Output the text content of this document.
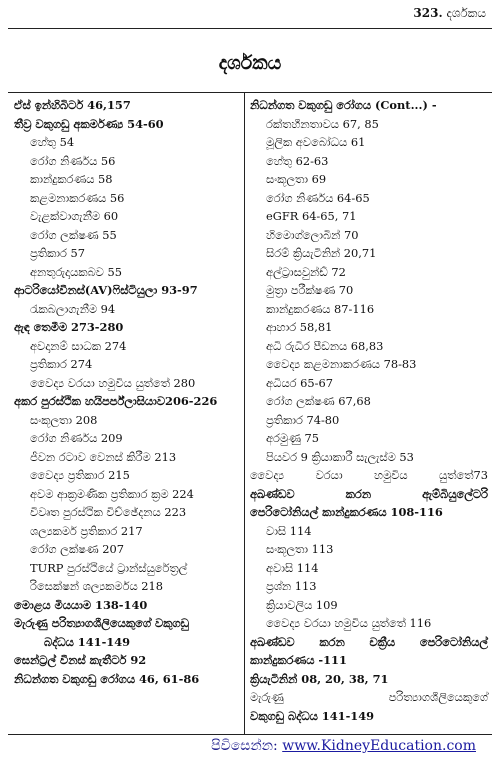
323. දර්ශකය
දර්ශකය
ඒස් ඉන්හිබිටර් 46,157
තීව්‍ර වකුගඩු අකර්මණ්‍ය 54-60
හේතු 54
රෝග නිර්ණය 56
කාන්දුකරණය 58
කළමනාකරණය 56
වැළක්වාගැනීම 60
රෝග ලක්ෂණ 55
ප්‍රතිකාර 57
අනතුරුදායකබව 55
ආටරියෝවීනස්(AV)ෆිස්ටියුලා 93-97
රැකබලාගැනීම 94
ඇඳ තෙමීම 273-280
අවදානම් සාධක 274
ප්‍රතිකාර 274
වෛද්‍ය වරයා හමුවිය යුත්තේ 280
අකර පුරස්ථික හයිපර්ප්ලාසියාව206-226
සංකූලතා 208
රෝග නිර්ණය 209
ජීවන රටාව වෙනස් කිරීම 213
වෛද්‍ය ප්‍රතිකාර 215
අවම ආක්‍රමණික ප්‍රතිකාර ක්‍රම 224
විවෘත පුරස්ථික විච්ඡේදනය 223
ශල්‍යකර්ම ප්‍රතිකාර 217
රෝග ලක්ෂණ 207
TURP පුරස්ථියේ ට්‍රාන්ස්යුරේත්‍රල්
රිසෙක්ෂන් ශල්‍යකර්මය 218
මොළය මියයාම 138-140
මැරුණු පරිත්‍යාගශීලියෙකුගේ වකුගඩු
බද්ධය 141-149
සෙන්ට්‍රල් වීනස් කැතීටර් 92
නිධන්ගත වකුගඩු රෝගය 46, 61-86
නිධන්ගත වකුගඩු රෝගය (Cont...) -
රක්තහීනතාවය 67, 85
මූලික අවබෝධය 61
හේතු 62-63
සංකූලතා 69
රෝග නිර්ණය 64-65
eGFR 64-65, 71
හිමොග්ලොබින් 70
සිරම් ක්‍රියැටිනින් 20,71
අල්ට්‍රාසවුන්ඩ් 72
මුත්‍රා පරීක්ෂණ 70
කාන්දුකරණය 87-116
ආහාර 58,81
අධි රුධිර පීඩනය 68,83
වෛද්‍ය කළමනාකරණය 78-83
අධියර 65-67
රෝග ලක්ෂණ 67,68
ප්‍රතිකාර 74-80
අරමුණු 75
පියවර 9 ක්‍රියාකාරී සැලැස්ම 53
වෛද්‍ය වරයා හමුවිය යුත්තේ73
අඛණ්ඩව කරන ඇම්බියුලේටරි
පෙරිටෝනියල් කාන්දුකරණය 108-116
වාසි 114
සංකූලතා 113
අවාසි 114
ප්‍රශ්න 113
ක්‍රියාවලිය 109
වෛද්‍ය වරයා හමුවිය යුත්තේ 116
අඛණ්ඩව කරන චක්‍රීය පෙරිටෝනියල්
කාන්දුකරණය -111
ක්‍රියැටිනින් 08, 20, 38, 71
මැරුණු පරිත්‍යාගශීලියෙකුගේ
වකුගඩු බද්ධය 141-149
පිවිසෙන්න: www.KidneyEducation.com
